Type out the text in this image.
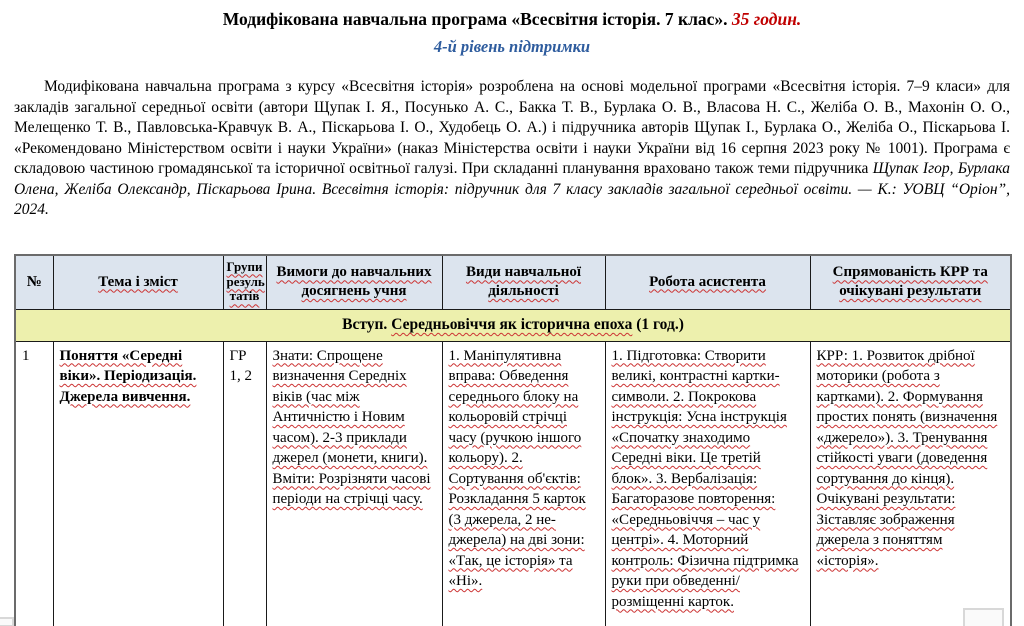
Модифікована навчальна програма «Всесвітня історія. 7 клас». 35 годин.
4-й рівень підтримки

Модифікована навчальна програма з курсу «Всесвітня історія» розроблена на основі модельної програми «Всесвітня історія. 7–9 класи» для закладів загальної середньої освіти (автори Щупак І. Я., Посунько А. С., Бакка Т. В., Бурлака О. В., Власова Н. С., Желіба О. В., Махонін О. О., Мелещенко Т. В., Павловська-Кравчук В. А., Піскарьова І. О., Худобець О. А.) і підручника авторів Щупак І., Бурлака О., Желіба О., Піскарьова І. «Рекомендовано Міністерством освіти і науки України» (наказ Міністерства освіти і науки України від 16 серпня 2023 року № 1001). Програма є складовою частиною громадянської та історичної освітньої галузі. При складанні планування враховано також теми підручника Щупак Ігор, Бурлака Олена, Желіба Олександр, Піскарьова Ірина. Всесвітня історія: підручник для 7 класу закладів загальної середньої освіти. — К.: УОВЦ “Оріон”, 2024.

№	Тема і зміст	Групи резуль татів	Вимоги до навчальних досягнень учня	Види навчальної діяльності	Робота асистента	Спрямованість КРР та очікувані результати
Вступ. Середньовіччя як історична епоха (1 год.)						
1	Поняття «Середні віки». Періодизація. Джерела вивчення.	ГР 1, 2	Знати: Спрощене визначення Середніх віків (час між Античністю і Новим часом). 2-3 приклади джерел (монети, книги). Вміти: Розрізняти часові періоди на стрічці часу.	1. Маніпулятивна вправа: Обведення середнього блоку на кольоровій стрічці часу (ручкою іншого кольору). 2. Сортування об'єктів: Розкладання 5 карток (3 джерела, 2 не-джерела) на дві зони: «Так, це історія» та «Ні».	1. Підготовка: Створити великі, контрастні картки-символи. 2. Покрокова інструкція: Усна інструкція «Спочатку знаходимо Середні віки. Це третій блок». 3. Вербалізація: Багаторазове повторення: «Середньовіччя – час у центрі». 4. Моторний контроль: Фізична підтримка руки при обведенні/розміщенні карток.	КРР: 1. Розвиток дрібної моторики (робота з картками). 2. Формування простих понять (визначення «джерело»). 3. Тренування стійкості уваги (доведення сортування до кінця). Очікувані результати: Зіставляє зображення джерела з поняттям «історія».
